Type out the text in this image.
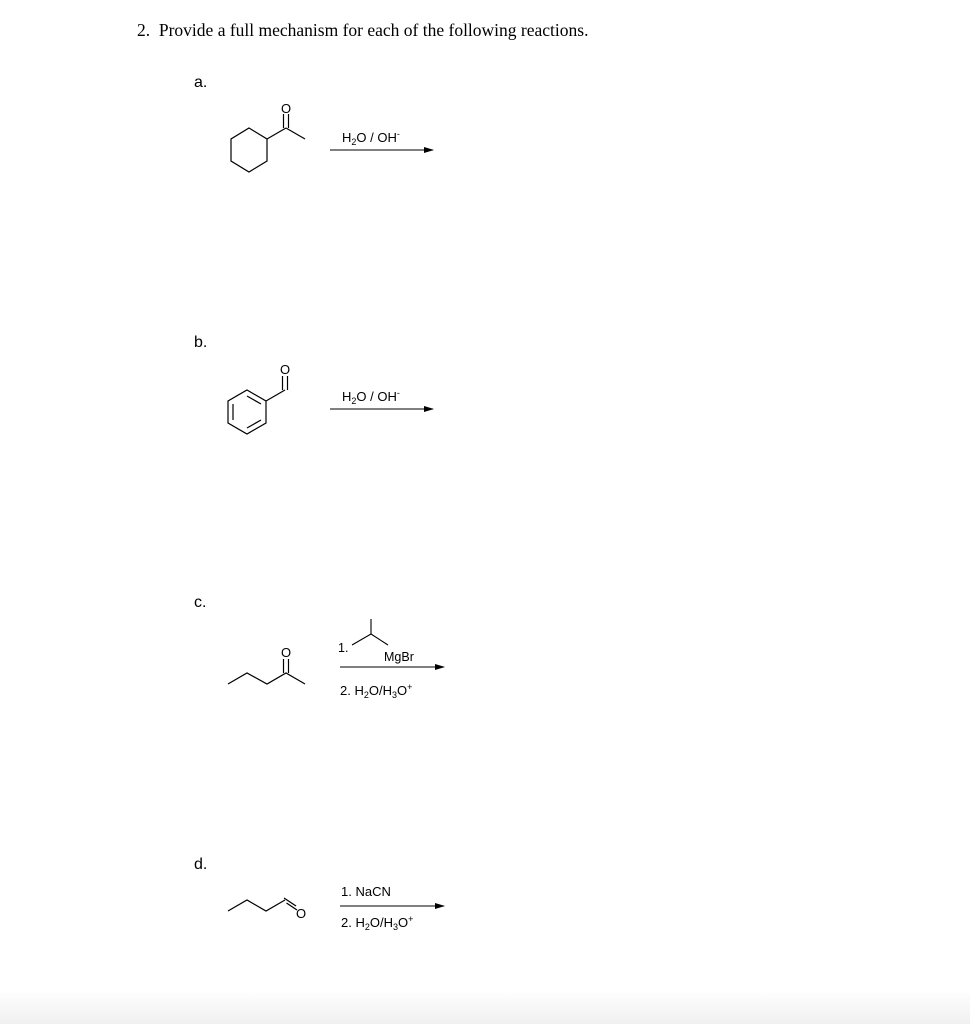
2. Provide a full mechanism for each of the following reactions.
a.
b.
c.
d.
O
$H_2O / OH^-$
O
$H_2O / OH^-$
O	1.
MgBr
2. $H_2O/H_3O^+$
O
1. NaCN
2. $H_2O/H_3O^+$
